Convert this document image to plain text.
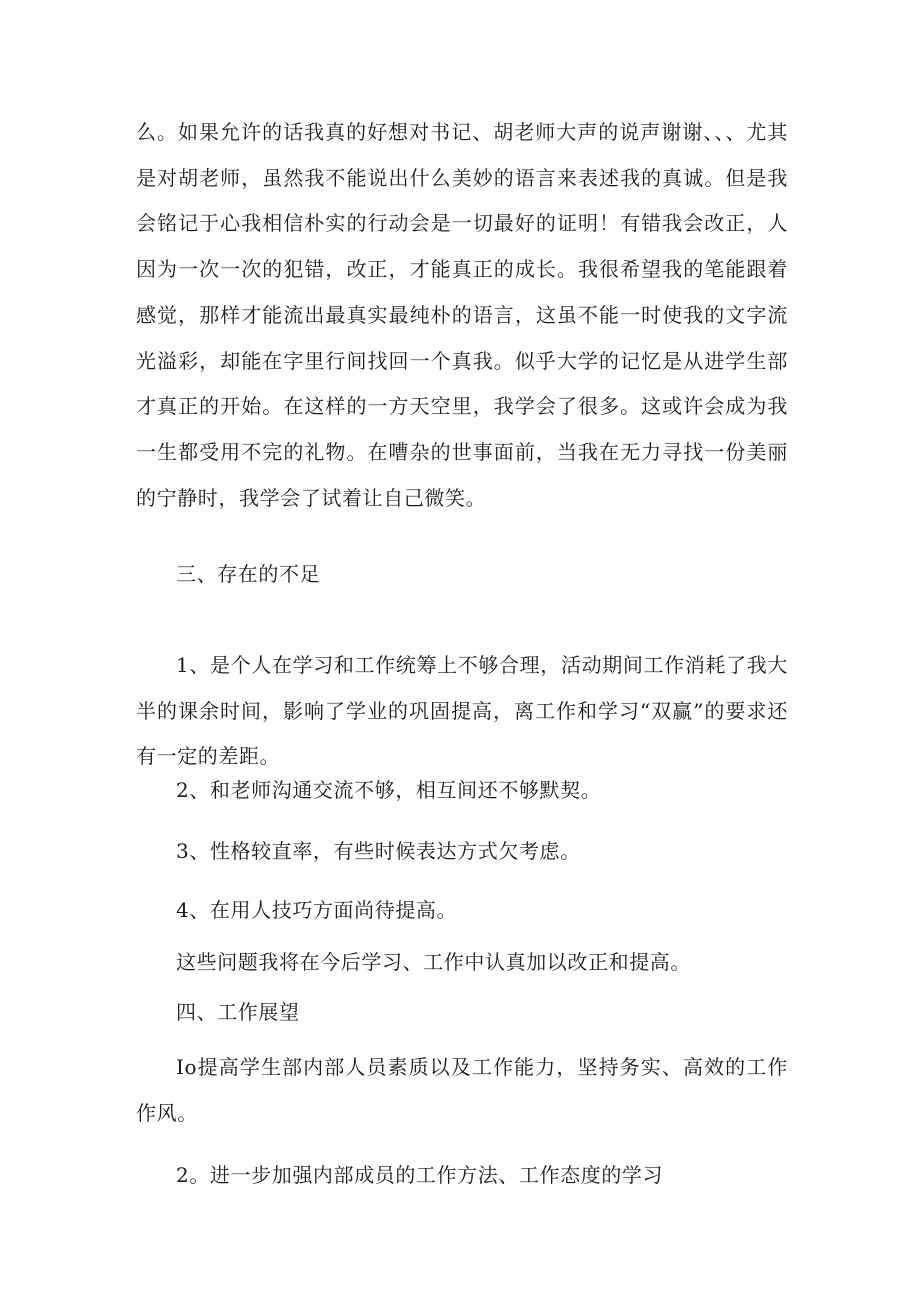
么。如果允许的话我真的好想对书记、胡老师大声的说声谢谢、、、尤其是对胡老师，虽然我不能说出什么美妙的语言来表述我的真诚。但是我会铭记于心我相信朴实的行动会是一切最好的证明！有错我会改正，人因为一次一次的犯错，改正，才能真正的成长。我很希望我的笔能跟着感觉，那样才能流出最真实最纯朴的语言，这虽不能一时使我的文字流光溢彩，却能在字里行间找回一个真我。似乎大学的记忆是从进学生部才真正的开始。在这样的一方天空里，我学会了很多。这或许会成为我一生都受用不完的礼物。在嘈杂的世事面前，当我在无力寻找一份美丽的宁静时，我学会了试着让自己微笑。

三、存在的不足

1、是个人在学习和工作统筹上不够合理，活动期间工作消耗了我大半的课余时间，影响了学业的巩固提高，离工作和学习“双赢”的要求还有一定的差距。

2、和老师沟通交流不够，相互间还不够默契。

3、性格较直率，有些时候表达方式欠考虑。

4、在用人技巧方面尚待提高。

这些问题我将在今后学习、工作中认真加以改正和提高。

四、工作展望

Io提高学生部内部人员素质以及工作能力，坚持务实、高效的工作作风。

2。进一步加强内部成员的工作方法、工作态度的学习
